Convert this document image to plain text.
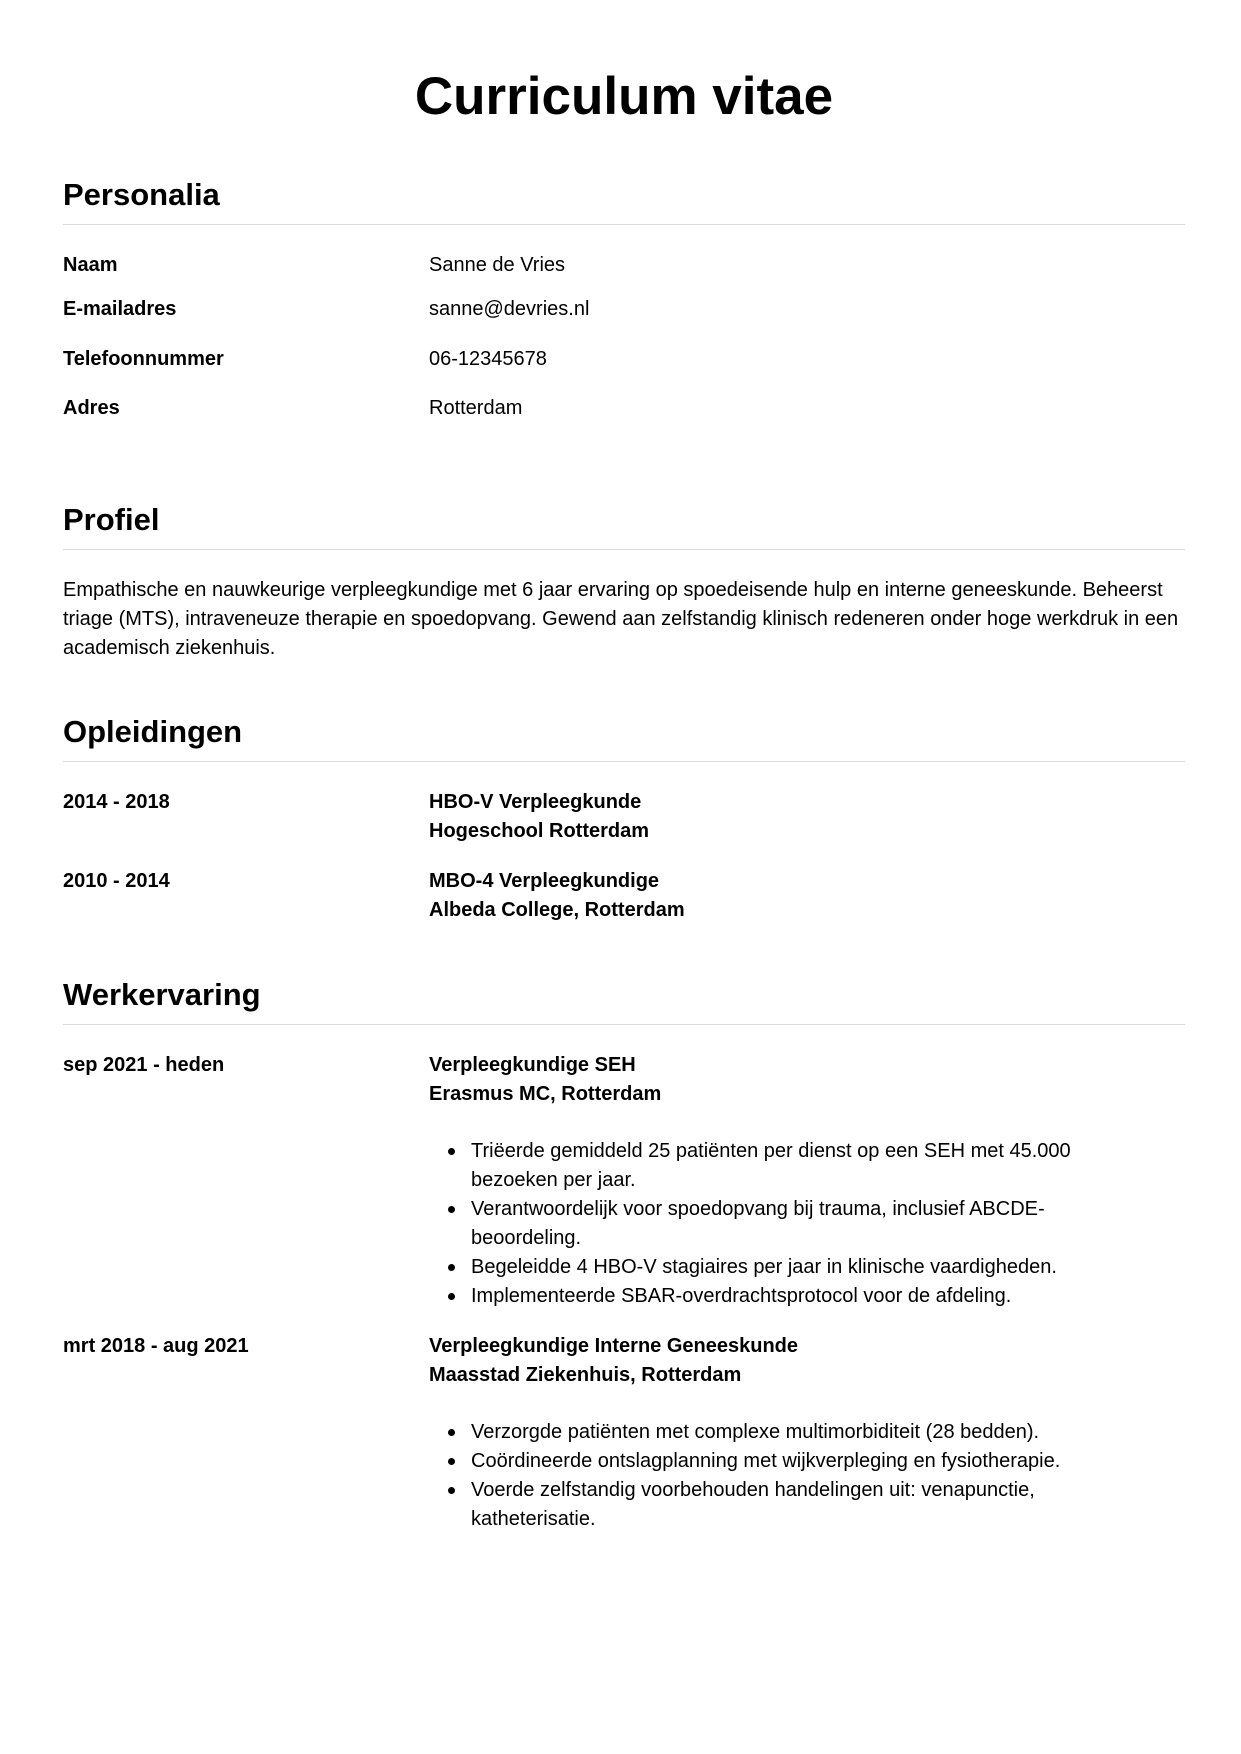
Curriculum vitae
Personalia
Naam	Sanne de Vries
E-mailadres	sanne@devries.nl
Telefoonnummer	06-12345678
Adres	Rotterdam
Profiel

Empathische en nauwkeurige verpleegkundige met 6 jaar ervaring op spoedeisende hulp en interne geneeskunde. Beheerst triage (MTS), intraveneuze therapie en spoedopvang. Gewend aan zelfstandig klinisch redeneren onder hoge werkdruk in een academisch ziekenhuis.

Opleidingen
2014 - 2018	HBO-V Verpleegkunde
Hogeschool Rotterdam
2010 - 2014	MBO-4 Verpleegkundige
Albeda College, Rotterdam
Werkervaring
sep 2021 - heden	Verpleegkundige SEH
Erasmus MC, Rotterdam
Triëerde gemiddeld 25 patiënten per dienst op een SEH met 45.000 bezoeken per jaar.
Verantwoordelijk voor spoedopvang bij trauma, inclusief ABCDE-beoordeling.
Begeleidde 4 HBO-V stagiaires per jaar in klinische vaardigheden.
Implementeerde SBAR-overdrachtsprotocol voor de afdeling.
mrt 2018 - aug 2021	Verpleegkundige Interne Geneeskunde
Maasstad Ziekenhuis, Rotterdam
Verzorgde patiënten met complexe multimorbiditeit (28 bedden).
Coördineerde ontslagplanning met wijkverpleging en fysiotherapie.
Voerde zelfstandig voorbehouden handelingen uit: venapunctie, katheterisatie.
